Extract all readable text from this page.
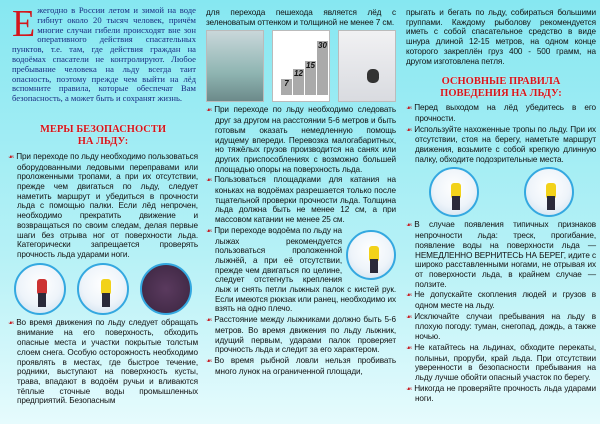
Ежегодно в России летом и зимой на воде гибнут около 20 тысяч человек, причём многие случаи гибели происходят вне зон оперативного действия спасательных пунктов, т.е. там, где действия граждан на водоёмах спасатели не контролируют. Любое пребывание человека на льду всегда таит опасность, поэтому прежде чем выйти на лёд вспомните правила, которые обеспечат Вам безопасность, а может быть и сохранят жизнь.
МЕРЫ БЕЗОПАСНОСТИ
НА ЛЬДУ:

☙ При переходе по льду необходимо пользоваться оборудованными ледовыми переправами или проложенными тропами, а при их отсутствии, прежде чем двигаться по льду, следует наметить маршрут и убедиться в прочности льда с помощью палки. Если лёд непрочен, необходимо прекратить движение и возвращаться по своим следам, делая первые шаги без отрыва ног от поверхности льда. Категорически запрещается проверять прочность льда ударами ноги.

☙ Во время движения по льду следует обращать внимание на его поверхность, обходить опасные места и участки покрытые толстым слоем снега. Особую осторожность необходимо проявлять в местах, где быстрое течение, родники, выступают на поверхность кусты, трава, впадают в водоём ручьи и вливаются тёплые сточные воды промышленных предприятий. Безопасным

для перехода пешехода является лёд с зеленоватым оттенком и толщиной не менее 7 см.

7
12
15
30

☙ При переходе по льду необходимо следовать друг за другом на расстоянии 5-6 метров и быть готовым оказать немедленную помощь идущему впереди. Перевозка малогабаритных, но тяжёлых грузов производится на санях или других приспособлениях с возможно большей площадью опоры на поверхность льда.

☙ Пользоваться площадками для катания на коньках на водоёмах разрешается только после тщательной проверки прочности льда. Толщина льда должна быть не менее 12 см, а при массовом катании не менее 25 см.

☙ При переходе водоёма по льду на лыжах рекомендуется пользоваться проложенной лыжнёй, а при её отсутствии, прежде чем двигаться по целине, следует отстегнуть крепления лыж и снять петли лыжных палок с кистей рук. Если имеются рюкзак или ранец, необходимо их взять на одно плечо.

☙ Расстояние между лыжниками должно быть 5-6 метров. Во время движения по льду лыжник, идущий первым, ударами палок проверяет прочность льда и следит за его характером.

☙ Во время рыбной ловли нельзя пробивать много лунок на ограниченной площади,

прыгать и бегать по льду, собираться большими группами. Каждому рыболову рекомендуется иметь с собой спасательное средство в виде шнура длиной 12-15 метров, на одном конце которого закреплён груз 400 - 500 грамм, на другом изготовлена петля.

ОСНОВНЫЕ ПРАВИЛА
ПОВЕДЕНИЯ НА ЛЬДУ:

☙ Перед выходом на лёд убедитесь в его прочности.

☙ Используйте нахоженные тропы по льду. При их отсутствии, стоя на берегу, наметьте маршрут движения, возьмите с собой крепкую длинную палку, обходите подозрительные места.

☙ В случае появления типичных признаков непрочности льда: треск, прогибание, появление воды на поверхности льда — НЕМЕДЛЕННО ВЕРНИТЕСЬ НА БЕРЕГ, идите с широко расставленными ногами, не отрывая их от поверхности льда, в крайнем случае — ползите.

☙ Не допускайте скопления людей и грузов в одном месте на льду.

☙ Исключайте случаи пребывания на льду в плохую погоду: туман, снегопад, дождь, а также ночью.

☙ Не катайтесь на льдинах, обходите перекаты, полыньи, проруби, край льда. При отсутствии уверенности в безопасности пребывания на льду лучше обойти опасный участок по берегу.

☙ Никогда не проверяйте прочность льда ударами ноги.
